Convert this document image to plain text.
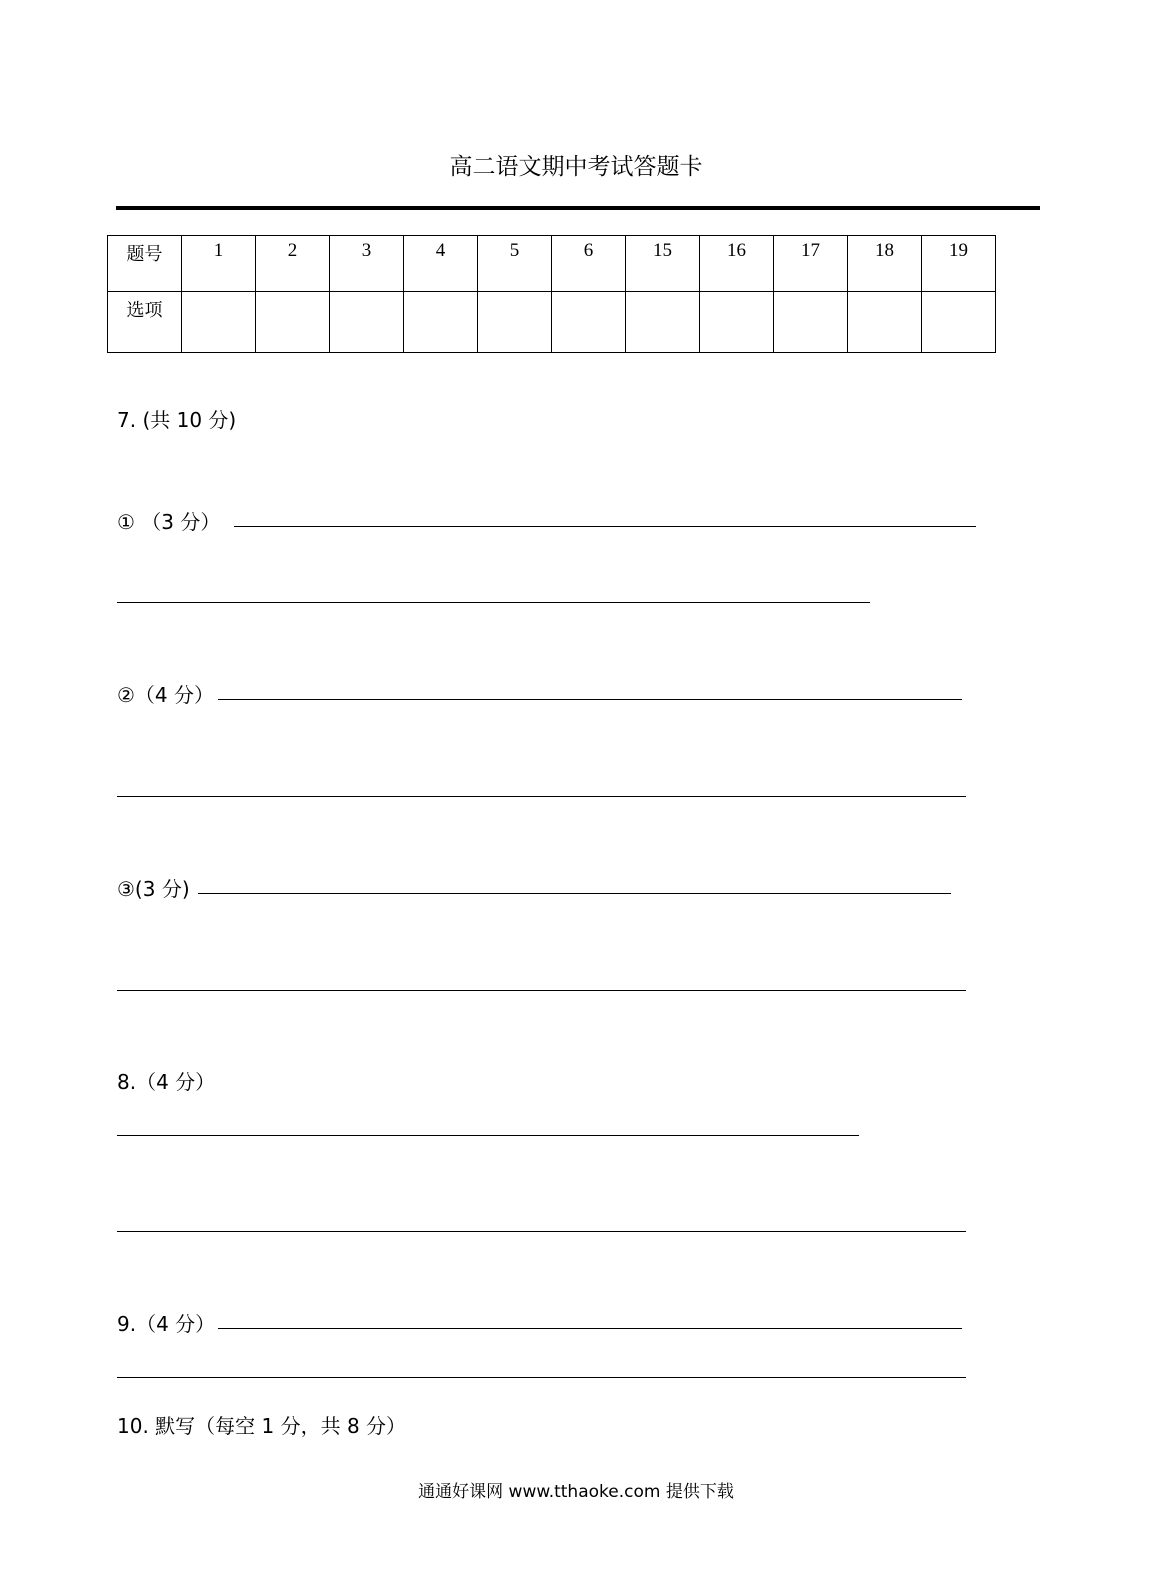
高二语文期中考试答题卡
题号	1	2	3	4	5	6	15	16	17	18	19
选项											
7. (共 10 分)
① （3 分）
②（4 分）
③(3 分)
8.（4 分）
9.（4 分）
10. 默写（每空 1 分，共 8 分）
通通好课网 www.tthaoke.com 提供下载
